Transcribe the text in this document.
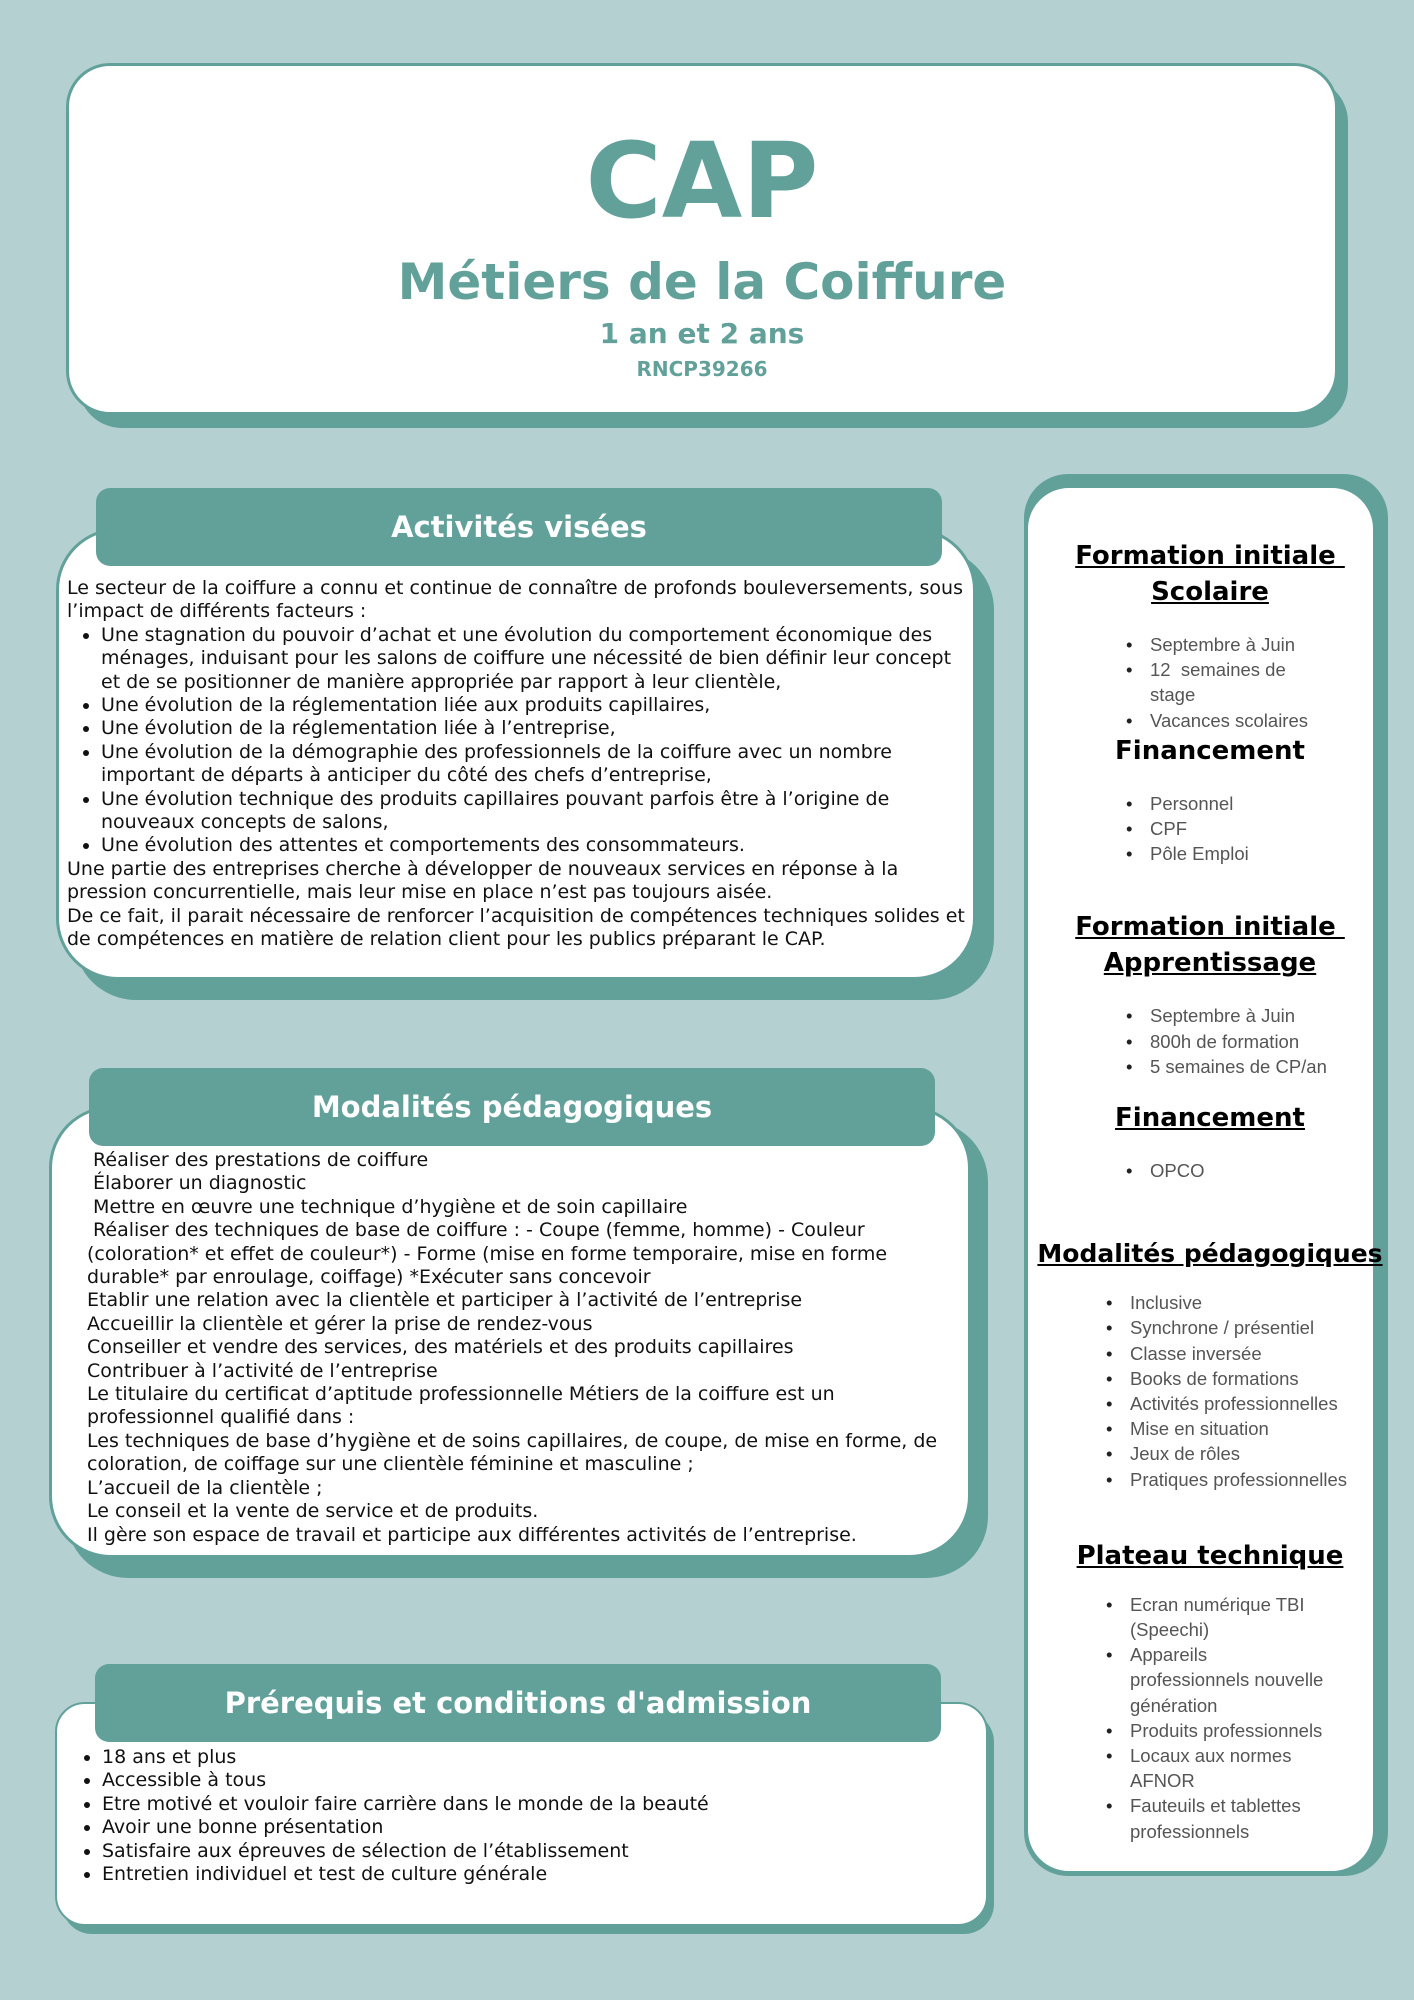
CAP
Métiers de la Coiffure
1 an et 2 ans
RNCP39266
Activités visées

Le secteur de la coiffure a connu et continue de connaître de profonds bouleversements, sous l’impact de différents facteurs :

• Une stagnation du pouvoir d’achat et une évolution du comportement économique des ménages, induisant pour les salons de coiffure une nécessité de bien définir leur concept et de se positionner de manière appropriée par rapport à leur clientèle,
• Une évolution de la réglementation liée aux produits capillaires,
• Une évolution de la réglementation liée à l’entreprise,
• Une évolution de la démographie des professionnels de la coiffure avec un nombre important de départs à anticiper du côté des chefs d’entreprise,
• Une évolution technique des produits capillaires pouvant parfois être à l’origine de nouveaux concepts de salons,
• Une évolution des attentes et comportements des consommateurs.

Une partie des entreprises cherche à développer de nouveaux services en réponse à la pression concurrentielle, mais leur mise en place n’est pas toujours aisée.

De ce fait, il parait nécessaire de renforcer l’acquisition de compétences techniques solides et de compétences en matière de relation client pour les publics préparant le CAP.

Modalités pédagogiques

Réaliser des prestations de coiffure

Élaborer un diagnostic

Mettre en œuvre une technique d’hygiène et de soin capillaire

Réaliser des techniques de base de coiffure : - Coupe (femme, homme) - Couleur (coloration* et effet de couleur*) - Forme (mise en forme temporaire, mise en forme durable* par enroulage, coiffage) *Exécuter sans concevoir

Etablir une relation avec la clientèle et participer à l’activité de l’entreprise

Accueillir la clientèle et gérer la prise de rendez-vous

Conseiller et vendre des services, des matériels et des produits capillaires

Contribuer à l’activité de l’entreprise

Le titulaire du certificat d’aptitude professionnelle Métiers de la coiffure est un professionnel qualifié dans :

Les techniques de base d’hygiène et de soins capillaires, de coupe, de mise en forme, de coloration, de coiffage sur une clientèle féminine et masculine ;

L’accueil de la clientèle ;

Le conseil et la vente de service et de produits.

Il gère son espace de travail et participe aux différentes activités de l’entreprise.

Prérequis et conditions d'admission
• 18 ans et plus
• Accessible à tous
• Etre motivé et vouloir faire carrière dans le monde de la beauté
• Avoir une bonne présentation
• Satisfaire aux épreuves de sélection de l’établissement
• Entretien individuel et test de culture générale

Formation initiale

Scolaire

• Septembre à Juin
• 12  semaines de stage
• Vacances scolaires

Financement

• Personnel
• CPF
• Pôle Emploi

Formation initiale

Apprentissage

• Septembre à Juin
• 800h de formation
• 5 semaines de CP/an

Financement

• OPCO

Modalités pédagogiques

• Inclusive
• Synchrone / présentiel
• Classe inversée
• Books de formations
• Activités professionnelles
• Mise en situation
• Jeux de rôles
• Pratiques professionnelles

Plateau technique

• Ecran numérique TBI (Speechi)
• Appareils professionnels nouvelle génération
• Produits professionnels
• Locaux aux normes AFNOR
• Fauteuils et tablettes professionnels
